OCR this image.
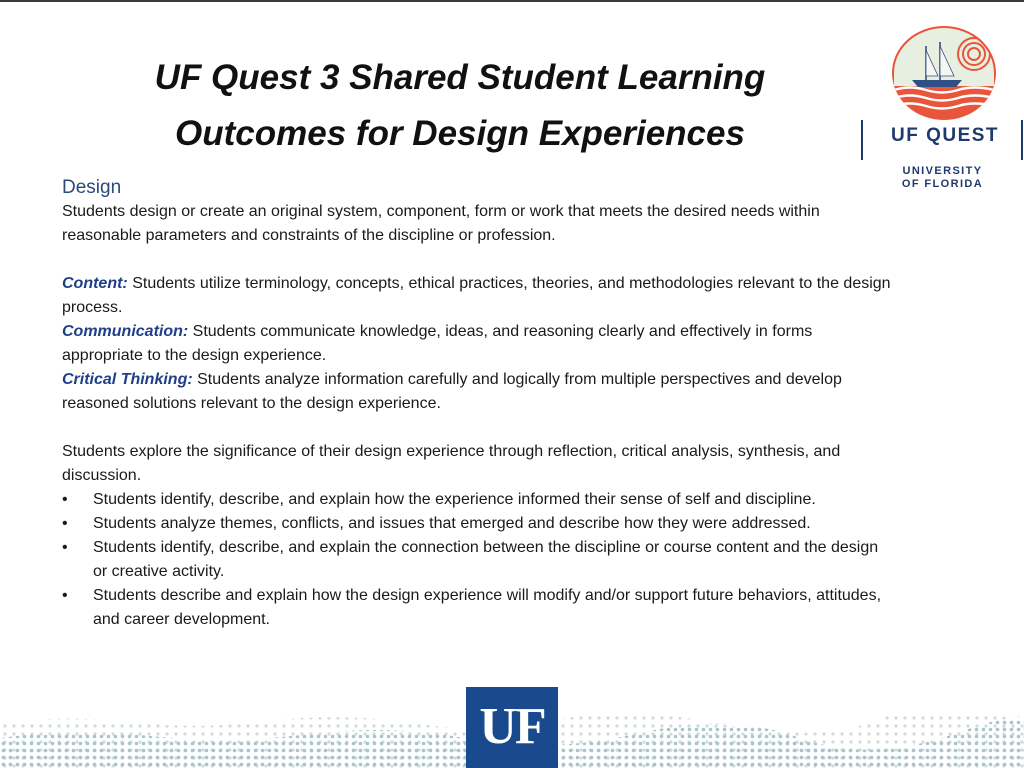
UF Quest 3 Shared Student Learning
Outcomes for Design Experiences	UF QUEST
UNIVERSITY
OF FLORIDA
Design

Students design or create an original system, component, form or work that meets the desired needs within reasonable parameters and constraints of the discipline or profession.

Content: Students utilize terminology, concepts, ethical practices, theories, and methodologies relevant to the design process.

Communication: Students communicate knowledge, ideas, and reasoning clearly and effectively in forms appropriate to the design experience.

Critical Thinking: Students analyze information carefully and logically from multiple perspectives and develop reasoned solutions relevant to the design experience.

Students explore the significance of their design experience through reflection, critical analysis, synthesis, and discussion.

• Students identify, describe, and explain how the experience informed their sense of self and discipline.
• Students analyze themes, conflicts, and issues that emerged and describe how they were addressed.
• Students identify, describe, and explain the connection between the discipline or course content and the design or creative activity.
• Students describe and explain how the design experience will modify and/or support future behaviors, attitudes, and career development.
UF
